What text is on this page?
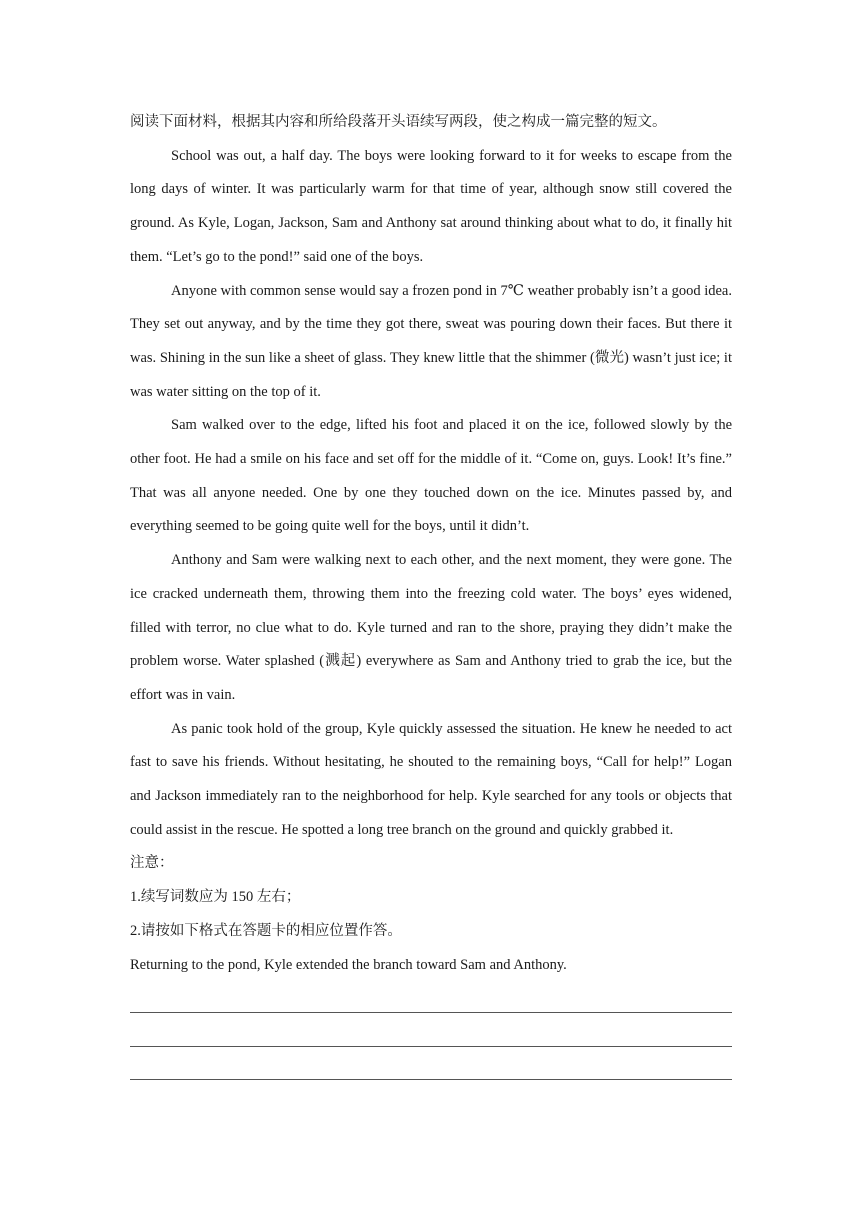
阅读下面材料，根据其内容和所给段落开头语续写两段，使之构成一篇完整的短文。

School was out, a half day. The boys were looking forward to it for weeks to escape from the long days of winter. It was particularly warm for that time of year, although snow still covered the ground. As Kyle, Logan, Jackson, Sam and Anthony sat around thinking about what to do, it finally hit them. “Let’s go to the pond!” said one of the boys.

Anyone with common sense would say a frozen pond in 7℃ weather probably isn’t a good idea. They set out anyway, and by the time they got there, sweat was pouring down their faces. But there it was. Shining in the sun like a sheet of glass. They knew little that the shimmer (微光) wasn’t just ice; it was water sitting on the top of it.

Sam walked over to the edge, lifted his foot and placed it on the ice, followed slowly by the other foot. He had a smile on his face and set off for the middle of it. “Come on, guys. Look! It’s fine.” That was all anyone needed. One by one they touched down on the ice. Minutes passed by, and everything seemed to be going quite well for the boys, until it didn’t.

Anthony and Sam were walking next to each other, and the next moment, they were gone. The ice cracked underneath them, throwing them into the freezing cold water. The boys’ eyes widened, filled with terror, no clue what to do. Kyle turned and ran to the shore, praying they didn’t make the problem worse. Water splashed (溅起) everywhere as Sam and Anthony tried to grab the ice, but the effort was in vain.

As panic took hold of the group, Kyle quickly assessed the situation. He knew he needed to act fast to save his friends. Without hesitating, he shouted to the remaining boys, “Call for help!” Logan and Jackson immediately ran to the neighborhood for help. Kyle searched for any tools or objects that could assist in the rescue. He spotted a long tree branch on the ground and quickly grabbed it.

注意：

1.续写词数应为 150 左右；

2.请按如下格式在答题卡的相应位置作答。

Returning to the pond, Kyle extended the branch toward Sam and Anthony.
